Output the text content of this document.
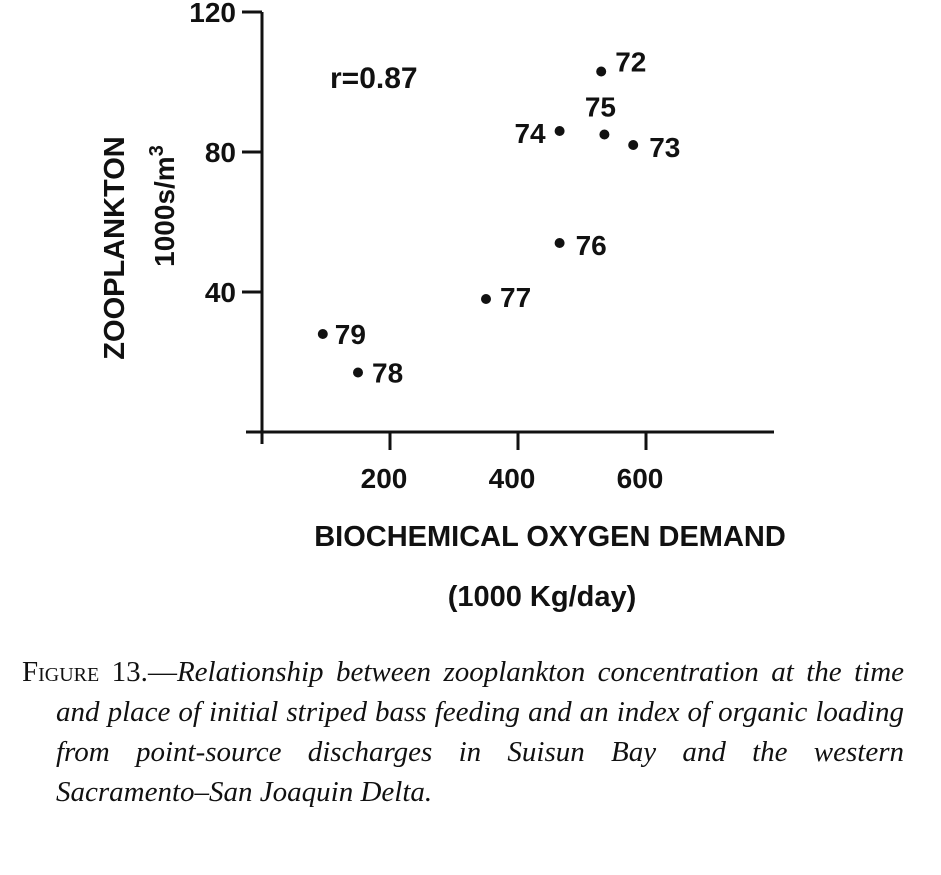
40
80
120
200	400	600
72
75
73
74
76
77
79
78
r=0.87
BIOCHEMICAL OXYGEN DEMAND
(1000 Kg/day)
ZOOPLANKTON $1000s/m^3$

Figure 13.—Relationship between zooplankton concentration at the time and place of initial striped bass feeding and an index of organic loading from point-source discharges in Suisun Bay and the western Sacramento–San Joaquin Delta.
